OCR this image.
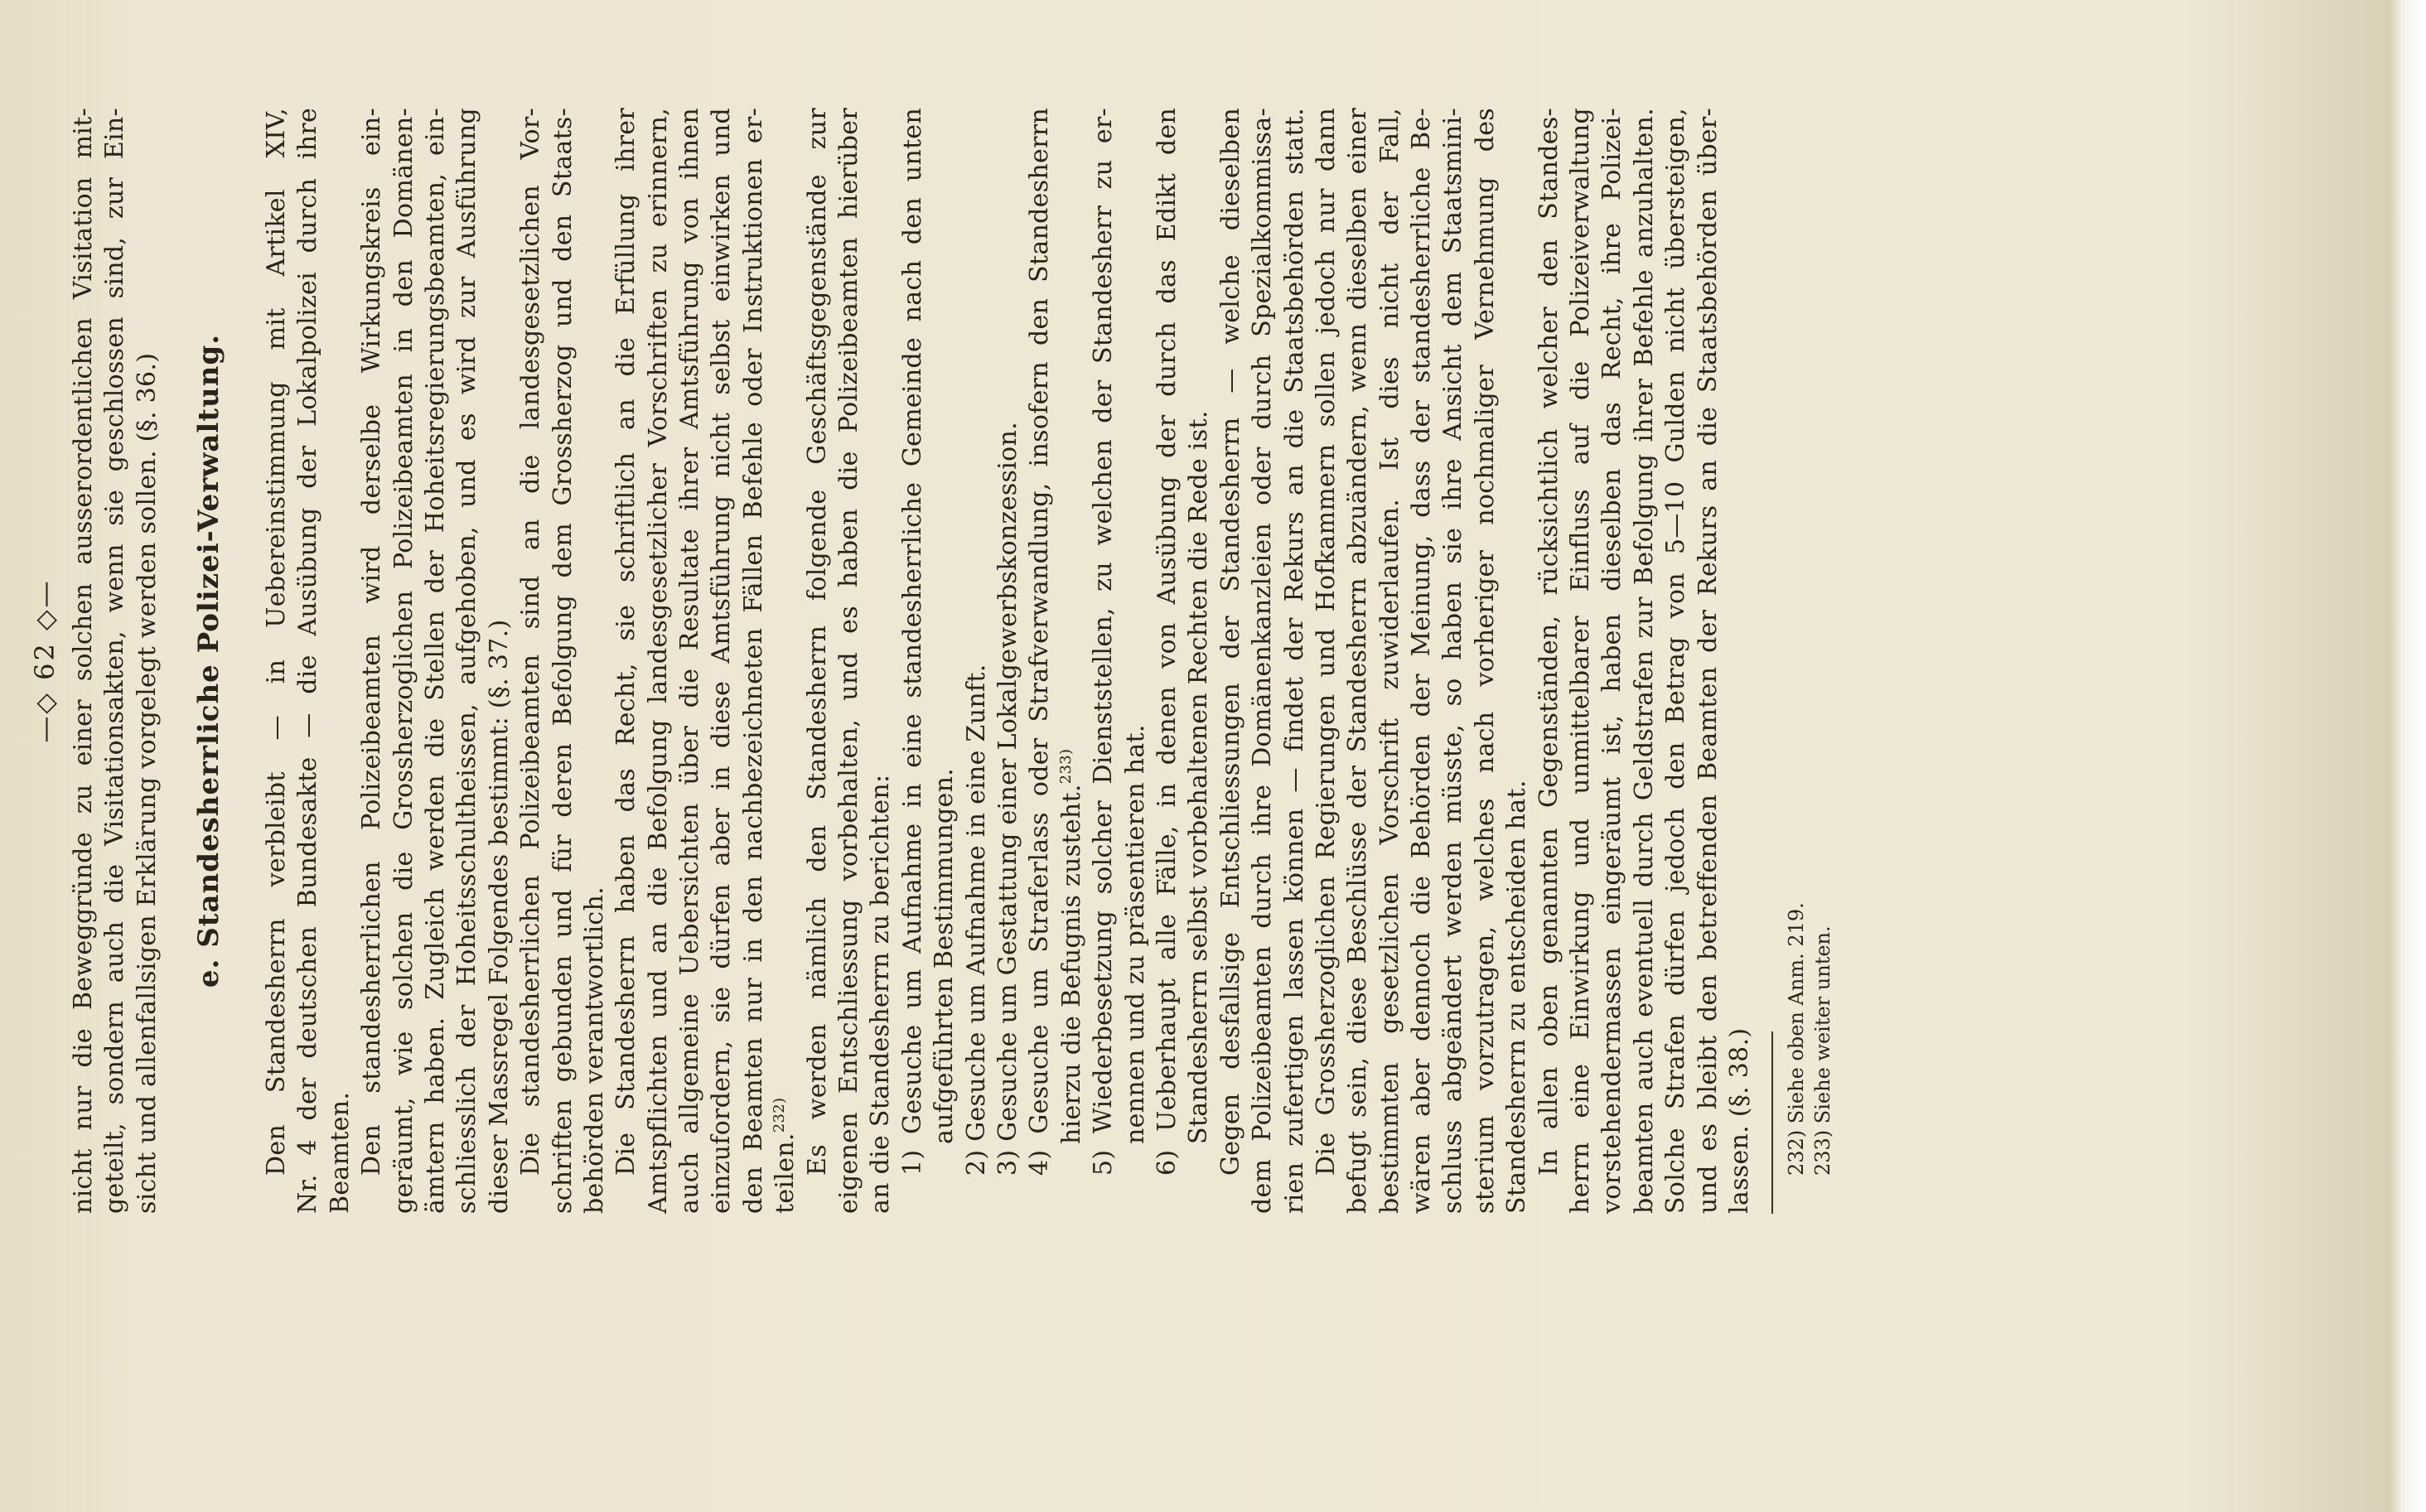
—◇ 62 ◇— nicht nur die Beweggründe zu einer solchen ausserordentlichen Visitation mit- geteilt, sondern auch die Visitationsakten, wenn sie geschlossen sind, zur Ein- sicht und allenfallsigen Erklärung vorgelegt werden sollen. (§. 36.) e. Standesherrliche Polizei-Verwaltung.	Den Standesherrn verbleibt — in Uebereinstimmung mit Artikel XIV, Nr. 4 der deutschen Bundesakte — die Ausübung der Lokalpolizei durch ihre Beamten. Den standesherrlichen Polizeibeamten wird derselbe Wirkungskreis ein- geräumt, wie solchen die Grossherzoglichen Polizeibeamten in den Domänen- ämtern haben. Zugleich werden die Stellen der Hoheitsregierungsbeamten, ein- schliesslich der Hoheitsschultheissen, aufgehoben, und es wird zur Ausführung dieser Massregel Folgendes bestimmt: (§. 37.) Die standesherrlichen Polizeibeamten sind an die landesgesetzlichen Vor- schriften gebunden und für deren Befolgung dem Grossherzog und den Staats- behörden verantwortlich. Die Standesherrn haben das Recht, sie schriftlich an die Erfüllung ihrer Amtspflichten und an die Befolgung landesgesetzlicher Vorschriften zu erinnern, auch allgemeine Uebersichten über die Resultate ihrer Amtsführung von ihnen einzufordern, sie dürfen aber in diese Amtsführung nicht selbst einwirken und den Beamten nur in den nachbezeichneten Fällen Befehle oder Instruktionen er- teilen.$^{232)}$ Es werden nämlich den Standesherrn folgende Geschäftsgegenstände zur eigenen Entschliessung vorbehalten, und es haben die Polizeibeamten hierüber an die Standesherrn zu berichten: 1) Gesuche um Aufnahme in eine standesherrliche Gemeinde nach den unten aufgeführten Bestimmungen. 2) Gesuche um Aufnahme in eine Zunft. 3) Gesuche um Gestattung einer Lokalgewerbskonzession. 4) Gesuche um Straferlass oder Strafverwandlung, insofern den Standesherrn hierzu die Befugnis zusteht.$^{233)}$ 5) Wiederbesetzung solcher Dienststellen, zu welchen der Standesherr zu er- nennen und zu präsentieren hat. 6) Ueberhaupt alle Fälle, in denen von Ausübung der durch das Edikt den Standesherrn selbst vorbehaltenen Rechten die Rede ist. Gegen desfallsige Entschliessungen der Standesherrn — welche dieselben dem Polizeibeamten durch ihre Domänenkanzleien oder durch Spezialkommissa- rien zufertigen lassen können — findet der Rekurs an die Staatsbehörden statt. Die Grossherzoglichen Regierungen und Hofkammern sollen jedoch nur dann befugt sein, diese Beschlüsse der Standesherrn abzuändern, wenn dieselben einer bestimmten gesetzlichen Vorschrift zuwiderlaufen. Ist dies nicht der Fall, wären aber dennoch die Behörden der Meinung, dass der standesherrliche Be- schluss abgeändert werden müsste, so haben sie ihre Ansicht dem Staatsmini- sterium vorzutragen, welches nach vorheriger nochmaliger Vernehmung des Standesherrn zu entscheiden hat. In allen oben genannten Gegenständen, rücksichtlich welcher den Standes- herrn eine Einwirkung und unmittelbarer Einfluss auf die Polizeiverwaltung vorstehendermassen eingeräumt ist, haben dieselben das Recht, ihre Polizei- beamten auch eventuell durch Geldstrafen zur Befolgung ihrer Befehle anzuhalten. Solche Strafen dürfen jedoch den Betrag von 5—10 Gulden nicht übersteigen, und es bleibt den betreffenden Beamten der Rekurs an die Staatsbehörden über- lassen. (§. 38.) 232) Siehe oben Anm. 219. 233) Siehe weiter unten.
